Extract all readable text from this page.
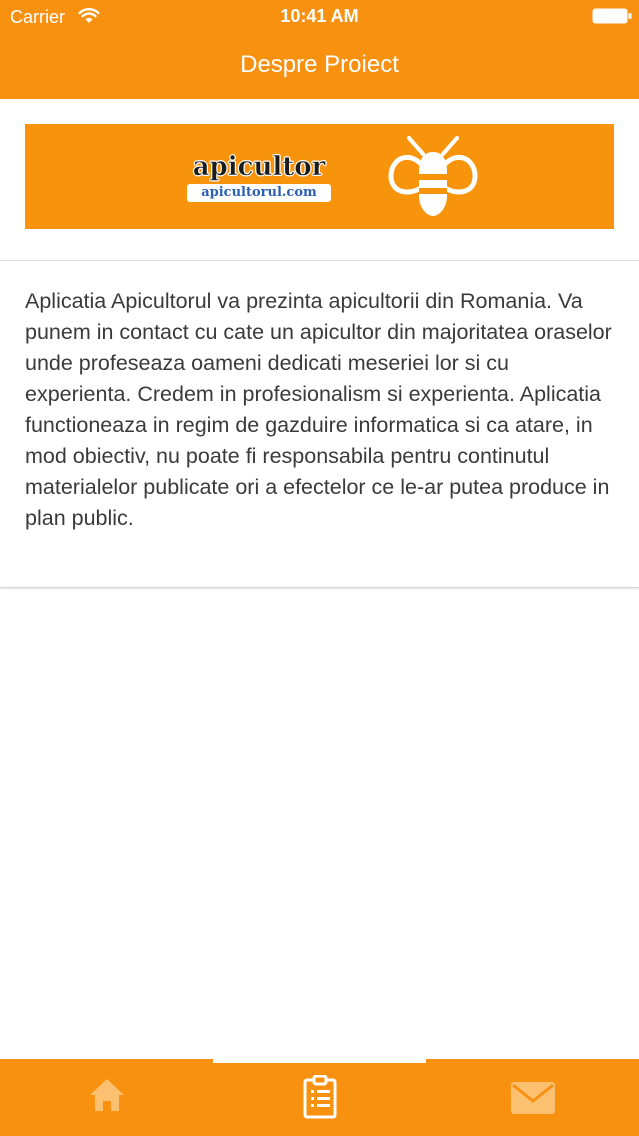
Carrier	10:41 AM
Despre Proiect
apicultor
apicultorul.com

Aplicatia Apicultorul va prezinta apicultorii din Romania. Va punem in contact cu cate un apicultor din majoritatea oraselor unde profeseaza oameni dedicati meseriei lor si cu experienta. Credem in profesionalism si experienta. Aplicatia functioneaza in regim de gazduire informatica si ca atare, in mod obiectiv, nu poate fi responsabila pentru continutul materialelor publicate ori a efectelor ce le-ar putea produce in plan public.
